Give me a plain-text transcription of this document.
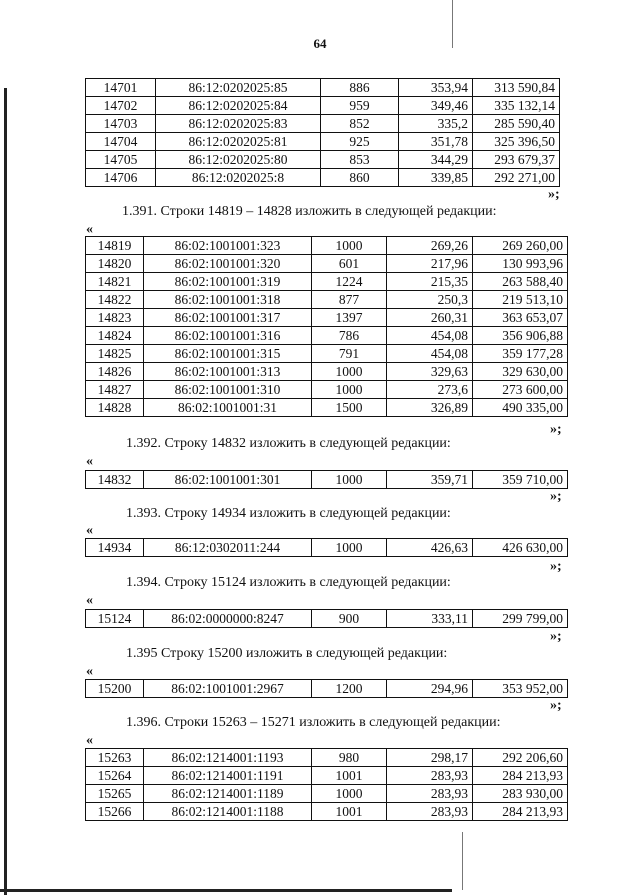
64
14701	86:12:0202025:85	886	353,94	313 590,84
14702	86:12:0202025:84	959	349,46	335 132,14
14703	86:12:0202025:83	852	335,2	285 590,40
14704	86:12:0202025:81	925	351,78	325 396,50
14705	86:12:0202025:80	853	344,29	293 679,37
14706	86:12:0202025:8	860	339,85	292 271,00
»;
1.391. Строки 14819 – 14828 изложить в следующей редакции:
«
14819	86:02:1001001:323	1000	269,26	269 260,00
14820	86:02:1001001:320	601	217,96	130 993,96
14821	86:02:1001001:319	1224	215,35	263 588,40
14822	86:02:1001001:318	877	250,3	219 513,10
14823	86:02:1001001:317	1397	260,31	363 653,07
14824	86:02:1001001:316	786	454,08	356 906,88
14825	86:02:1001001:315	791	454,08	359 177,28
14826	86:02:1001001:313	1000	329,63	329 630,00
14827	86:02:1001001:310	1000	273,6	273 600,00
14828	86:02:1001001:31	1500	326,89	490 335,00
»;
1.392. Строку 14832 изложить в следующей редакции:
«
14832	86:02:1001001:301	1000	359,71	359 710,00
»;
1.393. Строку 14934 изложить в следующей редакции:
«
14934	86:12:0302011:244	1000	426,63	426 630,00
»;
1.394. Строку 15124 изложить в следующей редакции:
«
15124	86:02:0000000:8247	900	333,11	299 799,00
»;
1.395 Строку 15200 изложить в следующей редакции:
«
15200	86:02:1001001:2967	1200	294,96	353 952,00
»;
1.396. Строки 15263 – 15271 изложить в следующей редакции:
«
15263	86:02:1214001:1193	980	298,17	292 206,60
15264	86:02:1214001:1191	1001	283,93	284 213,93
15265	86:02:1214001:1189	1000	283,93	283 930,00
15266	86:02:1214001:1188	1001	283,93	284 213,93
